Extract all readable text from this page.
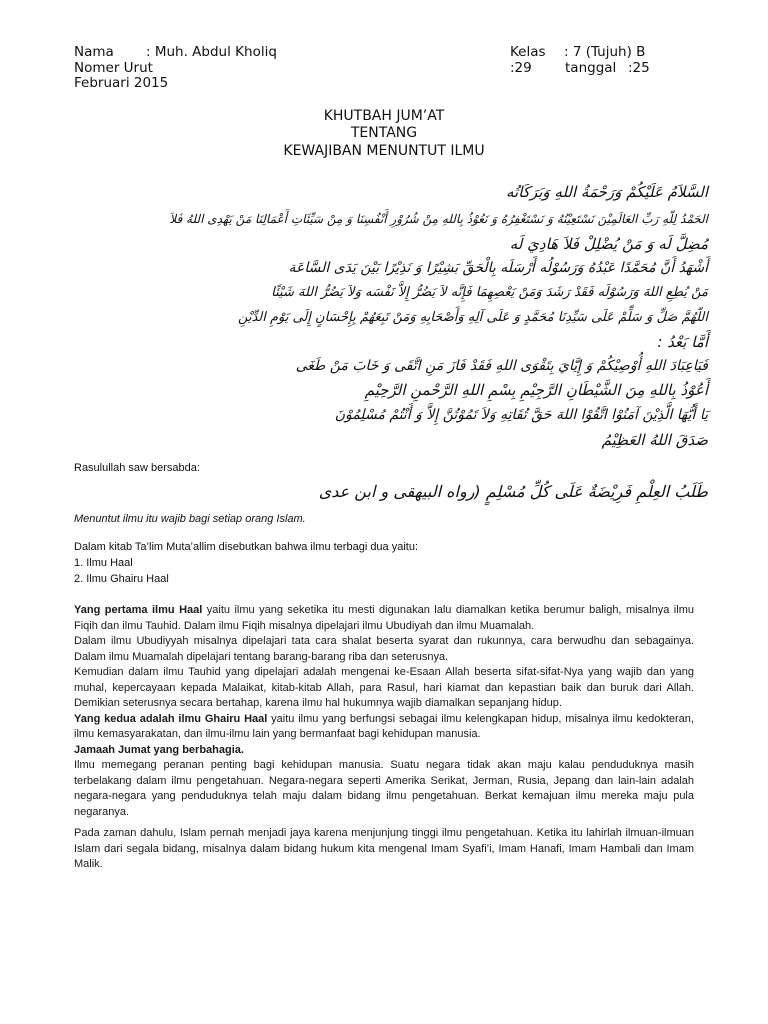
Nama : Muh. Abdul Kholiq	Kelas : 7 (Tujuh) B
Nomer Urut	:29 tanggal :25
Februari 2015
KHUTBAH JUM’AT
TENTANG
KEWAJIBAN MENUNTUT ILMU
السَّلاَمُ عَلَيْكُمْ وَرَحْمَةُ اللهِ وَبَرَكَاتُه
الحَمْدُ لِلّهِ رَبِّ العَالَمِيْنَ نَسْتَعِيْنُهُ وَ نَسْتَغْفِرُهُ وَ نَعُوْذُ بِاللهِ مِنْ شُرُوْرِ أَنْفُسِنَا وَ مِنْ سَيِّئَاتِ أَعْمَالِنَا مَنْ يَهْدِى اللهُ فَلاَ
مُضِلَّ لَه وَ مَنْ يُضْلِلْ فَلاَ هَادِيَ لَه
أَشْهَدُ أَنَّ مُحَمَّدًا عَبْدُهُ وَرَسُوْلُه أَرْسَلَه بِالْحَقِّ بَشِيْرًا وَ نَذِيْرًا بَيْنَ يَدَى السَّاعَة
مَنْ يُطِعِ اللهَ وَرَسُوْلَه فَقَدْ رَشَدَ وَمَنْ يَعْصِهِمَا فَإِنَّه لاَ يَضُرُّ إِلاَّ نَفْسَه وَلاَ يَضُرُّ اللهَ شَيْئًا
اللّهُمَّ صَلِّ وَ سَلِّمْ عَلَى سَيِّدِنَا مُحَمَّدٍ وَ عَلَى آلِهِ وَأَصْحَابِهِ وَمَنْ تَبِعَهُمْ بِإِحْسَانٍ إِلَى يَوْمِ الدِّيْنِ
أَمَّا بَعْدُ :
فَيَاعِبَادَ اللهِ أُوْصِيْكُمْ وَ إِيَّايَ بِتَقْوَى اللهِ فَقَدْ فَازَ مَنِ اتَّقَى وَ خَابَ مَنْ طَغَى
أَعُوْذُ بِاللهِ مِنَ الشَّيْطَانِ الرَّجِيْمِ بِسْمِ اللهِ الرَّحْمنِ الرَّحِيْمِ
يَا أَيُّهَا الَّذِيْنَ آمَنُوْا اتَّقُوْا اللهَ حَقَّ تُقَاتِهِ وَلاَ تَمُوْتُنَّ إِلاَّ وَ أَنْتُمْ مُسْلِمُوْنَ
صَدَقَ اللهُ العَظِيْمُ
Rasulullah saw bersabda:
طَلَبُ العِلْمِ فَرِيْضَةٌ عَلَى كُلِّ مُسْلِمٍ (رواه البيهقى و ابن عدى
Menuntut ilmu itu wajib bagi setiap orang Islam.
Dalam kitab Ta’lim Muta’allim disebutkan bahwa ilmu terbagi dua yaitu:
1. Ilmu Haal
2. Ilmu Ghairu Haal

Yang pertama ilmu Haal yaitu ilmu yang seketika itu mesti digunakan lalu diamalkan ketika berumur baligh, misalnya ilmu Fiqih dan ilmu Tauhid. Dalam ilmu Fiqih misalnya dipelajari ilmu Ubudiyah dan ilmu Muamalah.

Dalam ilmu Ubudiyyah misalnya dipelajari tata cara shalat beserta syarat dan rukunnya, cara berwudhu dan sebagainya. Dalam ilmu Muamalah dipelajari tentang barang-barang riba dan seterusnya.

Kemudian dalam ilmu Tauhid yang dipelajari adalah mengenai ke-Esaan Allah beserta sifat-sifat-Nya yang wajib dan yang muhal, kepercayaan kepada Malaikat, kitab-kitab Allah, para Rasul, hari kiamat dan kepastian baik dan buruk dari Allah. Demikian seterusnya secara bertahap, karena ilmu hal hukumnya wajib diamalkan sepanjang hidup.

Yang kedua adalah ilmu Ghairu Haal yaitu ilmu yang berfungsi sebagai ilmu kelengkapan hidup, misalnya ilmu kedokteran, ilmu kemasyarakatan, dan ilmu-ilmu lain yang bermanfaat bagi kehidupan manusia.

Jamaah Jumat yang berbahagia.

Ilmu memegang peranan penting bagi kehidupan manusia. Suatu negara tidak akan maju kalau penduduknya masih terbelakang dalam ilmu pengetahuan. Negara-negara seperti Amerika Serikat, Jerman, Rusia, Jepang dan lain-lain adalah negara-negara yang penduduknya telah maju dalam bidang ilmu pengetahuan. Berkat kemajuan ilmu mereka maju pula negaranya.

Pada zaman dahulu, Islam pernah menjadi jaya karena menjunjung tinggi ilmu pengetahuan. Ketika itu lahirlah ilmuan-ilmuan Islam dari segala bidang, misalnya dalam bidang hukum kita mengenal Imam Syafi’i, Imam Hanafi, Imam Hambali dan Imam Malik.
